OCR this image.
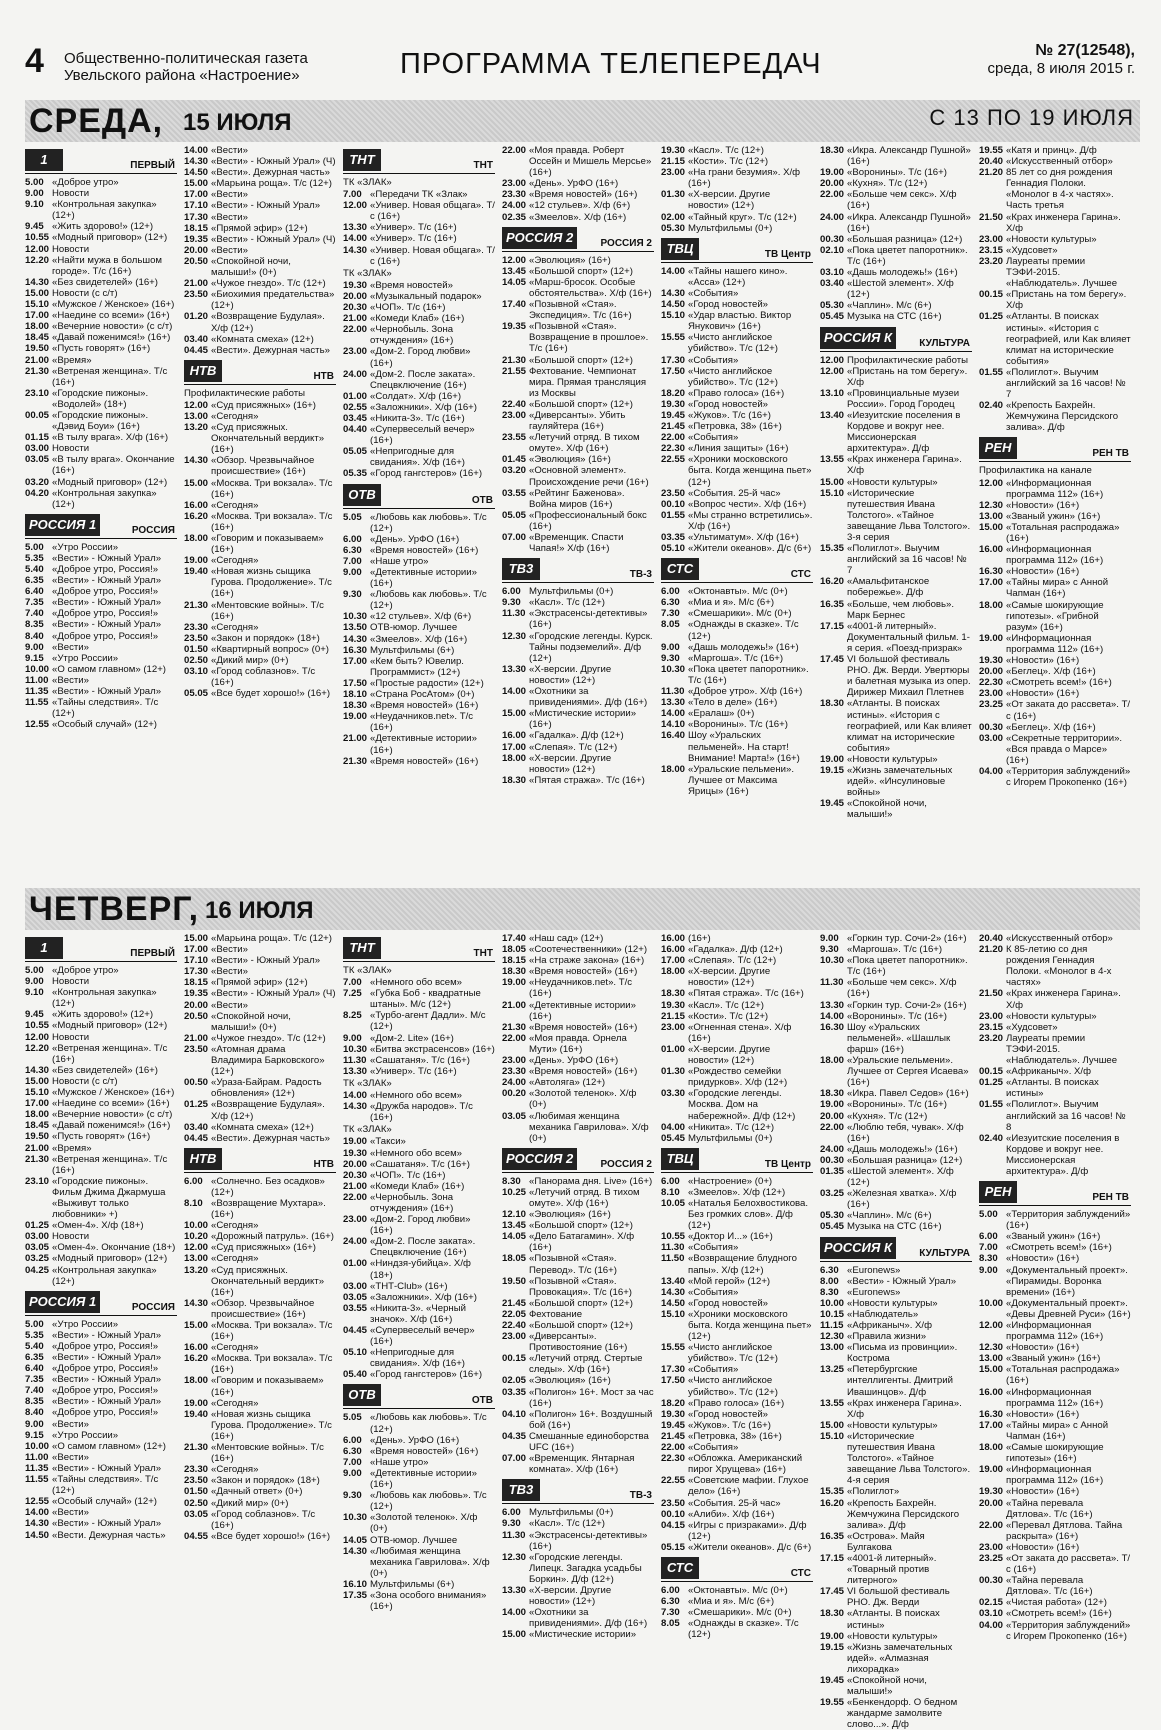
4 Общественно-политическая газета
Увельского района «Настроение»	ПРОГРАММА ТЕЛЕПЕРЕДАЧ	№ 27(12548),
среда, 8 июля 2015 г.
СРЕДА, 15 ИЮЛЯ	С 13 ПО 19 ИЮЛЯ
1	ПЕРВЫЙ
5.00 «Доброе утро»
9.00 Новости
9.10 «Контрольная закупка» (12+)
9.45 «Жить здорово!» (12+)
10.55 «Модный приговор» (12+)
12.00 Новости
12.20 «Найти мужа в большом городе». Т/с (16+)
14.30 «Без свидетелей» (16+)
15.00 Новости (с с/т)
15.10 «Мужское / Женское» (16+)
17.00 «Наедине со всеми» (16+)
18.00 «Вечерние новости» (с с/т)
18.45 «Давай поженимся!» (16+)
19.50 «Пусть говорят» (16+)
21.00 «Время»
21.30 «Ветреная женщина». Т/с (16+)
23.10 «Городские пижоны». «Водолей» (18+)
00.05 «Городские пижоны». «Дэвид Боуи» (16+)
01.15 «В тылу врага». Х/ф (16+)
03.00 Новости
03.05 «В тылу врага». Окончание (16+)
03.20 «Модный приговор» (12+)
04.20 «Контрольная закупка» (12+)
РОССИЯ 1	РОССИЯ
5.00 «Утро России»
5.35 «Вести» - Южный Урал»
5.40 «Доброе утро, Россия!»
6.35 «Вести» - Южный Урал»
6.40 «Доброе утро, Россия!»
7.35 «Вести» - Южный Урал»
7.40 «Доброе утро, Россия!»
8.35 «Вести» - Южный Урал»
8.40 «Доброе утро, Россия!»
9.00 «Вести»
9.15 «Утро России»
10.00 «О самом главном» (12+)
11.00 «Вести»
11.35 «Вести» - Южный Урал»
11.55 «Тайны следствия». Т/с (12+)
12.55 «Особый случай» (12+)
14.00 «Вести»
14.30 «Вести» - Южный Урал» (Ч)
14.50 «Вести». Дежурная часть»
15.00 «Марьина роща». Т/с (12+)
17.00 «Вести»
17.10 «Вести» - Южный Урал»
17.30 «Вести»
18.15 «Прямой эфир» (12+)
19.35 «Вести» - Южный Урал» (Ч)
20.00 «Вести»
20.50 «Спокойной ночи, малыши!» (0+)
21.00 «Чужое гнездо». Т/с (12+)
23.50 «Биохимия предательства» (12+)
01.20 «Возвращение Будулая». Х/ф (12+)
03.40 «Комната смеха» (12+)
04.45 «Вести». Дежурная часть»
НТВ	НТВ
Профилактические работы
12.00 «Суд присяжных» (16+)
13.00 «Сегодня»
13.20 «Суд присяжных. Окончательный вердикт» (16+)
14.30 «Обзор. Чрезвычайное происшествие» (16+)
15.00 «Москва. Три вокзала». Т/с (16+)
16.00 «Сегодня»
16.20 «Москва. Три вокзала». Т/с (16+)
18.00 «Говорим и показываем» (16+)
19.00 «Сегодня»
19.40 «Новая жизнь сыщика Гурова. Продолжение». Т/с (16+)
21.30 «Ментовские войны». Т/с (16+)
23.30 «Сегодня»
23.50 «Закон и порядок» (18+)
01.50 «Квартирный вопрос» (0+)
02.50 «Дикий мир» (0+)
03.10 «Город соблазнов». Т/с (16+)
05.05 «Все будет хорошо!» (16+)
ТНТ	ТНТ
ТК «ЗЛАК»
7.00 «Передачи ТК «Злак»
12.00 «Универ. Новая общага». Т/с (16+)
13.30 «Универ». Т/с (16+)
14.00 «Универ». Т/с (16+)
14.30 «Универ. Новая общага». Т/с (16+)
ТК «ЗЛАК»
19.30 «Время новостей»
20.00 «Музыкальный подарок»
20.30 «ЧОП». Т/с (16+)
21.00 «Комеди Клаб» (16+)
22.00 «Чернобыль. Зона отчуждения» (16+)
23.00 «Дом-2. Город любви» (16+)
24.00 «Дом-2. После заката». Спецвключение (16+)
01.00 «Солдат». Х/ф (16+)
02.55 «Заложники». Х/ф (16+)
03.45 «Никита-3». Т/с (16+)
04.40 «Супервеселый вечер» (16+)
05.05 «Непригодные для свидания». Х/ф (16+)
05.35 «Город гангстеров» (16+)
ОТВ	ОТВ
5.05 «Любовь как любовь». Т/с (12+)
6.00 «День». УрФО (16+)
6.30 «Время новостей» (16+)
7.00 «Наше утро»
9.00 «Детективные истории» (16+)
9.30 «Любовь как любовь». Т/с (12+)
10.30 «12 стульев». Х/ф (6+)
13.50 ОТВ-юмор. Лучшее
14.30 «Змеелов». Х/ф (16+)
16.30 Мультфильмы (6+)
17.00 «Кем быть? Ювелир. Программист» (12+)
17.50 «Простые радости» (12+)
18.10 «Страна РосАтом» (0+)
18.30 «Время новостей» (16+)
19.00 «Неудачников.net». Т/с (16+)
21.00 «Детективные истории» (16+)
21.30 «Время новостей» (16+)
22.00 «Моя правда. Роберт Оссейн и Мишель Мерсье» (16+)
23.00 «День». УрФО (16+)
23.30 «Время новостей» (16+)
24.00 «12 стульев». Х/ф (6+)
02.35 «Змеелов». Х/ф (16+)
РОССИЯ 2	РОССИЯ 2
12.00 «Эволюция» (16+)
13.45 «Большой спорт» (12+)
14.05 «Марш-бросок. Особые обстоятельства». Х/ф (16+)
17.40 «Позывной «Стая». Экспедиция». Т/с (16+)
19.35 «Позывной «Стая». Возвращение в прошлое». Т/с (16+)
21.30 «Большой спорт» (12+)
21.55 Фехтование. Чемпионат мира. Прямая трансляция из Москвы
22.40 «Большой спорт» (12+)
23.00 «Диверсанты». Убить гауляйтера (16+)
23.55 «Летучий отряд. В тихом омуте». Х/ф (16+)
01.45 «Эволюция» (16+)
03.20 «Основной элемент». Происхождение речи (16+)
03.55 «Рейтинг Баженова». Война миров (16+)
05.05 «Профессиональный бокс (16+)
07.00 «Временщик. Спасти Чапая!» Х/ф (16+)
ТВ3	ТВ-3
6.00 Мультфильмы (0+)
9.30 «Касл». Т/с (12+)
11.30 «Экстрасенсы-детективы» (16+)
12.30 «Городские легенды. Курск. Тайны подземелий». Д/ф (12+)
13.30 «Х-версии. Другие новости» (12+)
14.00 «Охотники за привидениями». Д/ф (16+)
15.00 «Мистические истории» (16+)
16.00 «Гадалка». Д/ф (12+)
17.00 «Слепая». Т/с (12+)
18.00 «Х-версии. Другие новости» (12+)
18.30 «Пятая стража». Т/с (16+)
19.30 «Касл». Т/с (12+)
21.15 «Кости». Т/с (12+)
23.00 «На грани безумия». Х/ф (16+)
01.30 «Х-версии. Другие новости» (12+)
02.00 «Тайный круг». Т/с (12+)
05.30 Мультфильмы (0+)
ТВЦ	ТВ Центр
14.00 «Тайны нашего кино». «Асса» (12+)
14.30 «События»
14.50 «Город новостей»
15.10 «Удар властью. Виктор Янукович» (16+)
15.55 «Чисто английское убийство». Т/с (12+)
17.30 «События»
17.50 «Чисто английское убийство». Т/с (12+)
18.20 «Право голоса» (16+)
19.30 «Город новостей»
19.45 «Жуков». Т/с (16+)
21.45 «Петровка, 38» (16+)
22.00 «События»
22.30 «Линия защиты» (16+)
22.55 «Хроники московского быта. Когда женщина пьет» (12+)
23.50 «События. 25-й час»
00.10 «Вопрос чести». Х/ф (16+)
01.55 «Мы странно встретились». Х/ф (16+)
03.35 «Ультиматум». Х/ф (16+)
05.10 «Жители океанов». Д/с (6+)
СТС	СТС
6.00 «Октонавты». М/с (0+)
6.30 «Миа и я». М/с (6+)
7.30 «Смешарики». М/с (0+)
8.05 «Однажды в сказке». Т/с (12+)
9.00 «Дашь молодежь!» (16+)
9.30 «Маргоша». Т/с (16+)
10.30 «Пока цветет папоротник». Т/с (16+)
11.30 «Доброе утро». Х/ф (16+)
13.30 «Тело в деле» (16+)
14.00 «Ералаш» (0+)
14.10 «Воронины». Т/с (16+)
16.40 Шоу «Уральских пельменей». На старт! Внимание! Марта!» (16+)
18.00 «Уральские пельмени». Лучшее от Максима Ярицы» (16+)
18.30 «Икра. Александр Пушной» (16+)
19.00 «Воронины». Т/с (16+)
20.00 «Кухня». Т/с (12+)
22.00 «Больше чем секс». Х/ф (16+)
24.00 «Икра. Александр Пушной» (16+)
00.30 «Большая разница» (12+)
02.10 «Пока цветет папоротник». Т/с (16+)
03.10 «Дашь молодежь!» (16+)
03.40 «Шестой элемент». Х/ф (12+)
05.30 «Чаплин». М/с (6+)
05.45 Музыка на СТС (16+)
РОССИЯ К	КУЛЬТУРА
12.00 Профилактические работы
12.00 «Пристань на том берегу». Х/ф
13.10 «Провинциальные музеи России». Город Городец
13.40 «Иезуитские поселения в Кордове и вокруг нее. Миссионерская архитектура». Д/ф
13.55 «Крах инженера Гарина». Х/ф
15.00 «Новости культуры»
15.10 «Исторические путешествия Ивана Толстого». «Тайное завещание Льва Толстого». 3-я серия
15.35 «Полиглот». Выучим английский за 16 часов! № 7
16.20 «Амальфитанское побережье». Д/ф
16.35 «Больше, чем любовь». Марк Бернес
17.15 «4001-й литерный». Документальный фильм. 1-я серия. «Поезд-призрак»
17.45 VI большой фестиваль РНО. Дж. Верди. Увертюры и балетная музыка из опер. Дирижер Михаил Плетнев
18.30 «Атланты. В поисках истины». «История с географией, или Как влияет климат на исторические события»
19.00 «Новости культуры»
19.15 «Жизнь замечательных идей». «Инсулиновые войны»
19.45 «Спокойной ночи, малыши!»
19.55 «Катя и принц». Д/ф
20.40 «Искусственный отбор»
21.20 85 лет со дня рождения Геннадия Полоки. «Монолог в 4-х частях». Часть третья
21.50 «Крах инженера Гарина». Х/ф
23.00 «Новости культуры»
23.15 «Худсовет»
23.20 Лауреаты премии ТЭФИ-2015. «Наблюдатель». Лучшее
00.15 «Пристань на том берегу». Х/ф
01.25 «Атланты. В поисках истины». «История с географией, или Как влияет климат на исторические события»
01.55 «Полиглот». Выучим английский за 16 часов! № 7
02.40 «Крепость Бахрейн. Жемчужина Персидского залива». Д/ф
РЕН	РЕН ТВ
Профилактика на канале
12.00 «Информационная программа 112» (16+)
12.30 «Новости» (16+)
13.00 «Званый ужин» (16+)
15.00 «Тотальная распродажа» (16+)
16.00 «Информационная программа 112» (16+)
16.30 «Новости» (16+)
17.00 «Тайны мира» с Анной Чапман (16+)
18.00 «Самые шокирующие гипотезы». «Грибной разум» (16+)
19.00 «Информационная программа 112» (16+)
19.30 «Новости» (16+)
20.00 «Беглец». Х/ф (16+)
22.30 «Смотреть всем!» (16+)
23.00 «Новости» (16+)
23.25 «От заката до рассвета». Т/с (16+)
00.30 «Беглец». Х/ф (16+)
03.00 «Секретные территории». «Вся правда о Марсе» (16+)
04.00 «Территория заблуждений» с Игорем Прокопенко (16+)
ЧЕТВЕРГ, 16 ИЮЛЯ
1	ПЕРВЫЙ
5.00 «Доброе утро»
9.00 Новости
9.10 «Контрольная закупка» (12+)
9.45 «Жить здорово!» (12+)
10.55 «Модный приговор» (12+)
12.00 Новости
12.20 «Ветреная женщина». Т/с (16+)
14.30 «Без свидетелей» (16+)
15.00 Новости (с с/т)
15.10 «Мужское / Женское» (16+)
17.00 «Наедине со всеми» (16+)
18.00 «Вечерние новости» (с с/т)
18.45 «Давай поженимся!» (16+)
19.50 «Пусть говорят» (16+)
21.00 «Время»
21.30 «Ветреная женщина». Т/с (16+)
23.10 «Городские пижоны». Фильм Джима Джармуша «Выживут только любовники» +)
01.25 «Омен-4». Х/ф (18+)
03.00 Новости
03.05 «Омен-4». Окончание (18+)
03.25 «Модный приговор» (12+)
04.25 «Контрольная закупка» (12+)
РОССИЯ 1	РОССИЯ
5.00 «Утро России»
5.35 «Вести» - Южный Урал»
5.40 «Доброе утро, Россия!»
6.35 «Вести» - Южный Урал»
6.40 «Доброе утро, Россия!»
7.35 «Вести» - Южный Урал»
7.40 «Доброе утро, Россия!»
8.35 «Вести» - Южный Урал»
8.40 «Доброе утро, Россия!»
9.00 «Вести»
9.15 «Утро России»
10.00 «О самом главном» (12+)
11.00 «Вести»
11.35 «Вести» - Южный Урал»
11.55 «Тайны следствия». Т/с (12+)
12.55 «Особый случай» (12+)
14.00 «Вести»
14.30 «Вести» - Южный Урал»
14.50 «Вести. Дежурная часть»
15.00 «Марьина роща». Т/с (12+)
17.00 «Вести»
17.10 «Вести» - Южный Урал»
17.30 «Вести»
18.15 «Прямой эфир» (12+)
19.35 «Вести» - Южный Урал» (Ч)
20.00 «Вести»
20.50 «Спокойной ночи, малыши!» (0+)
21.00 «Чужое гнездо». Т/с (12+)
23.50 «Атомная драма Владимира Барковского» (12+)
00.50 «Ураза-Байрам. Радость обновления» (12+)
01.25 «Возвращение Будулая». Х/ф (12+)
03.40 «Комната смеха» (12+)
04.45 «Вести». Дежурная часть»
НТВ	НТВ
6.00 «Солнечно. Без осадков» (12+)
8.10 «Возвращение Мухтара». (16+)
10.00 «Сегодня»
10.20 «Дорожный патруль». (16+)
12.00 «Суд присяжных» (16+)
13.00 «Сегодня»
13.20 «Суд присяжных. Окончательный вердикт» (16+)
14.30 «Обзор. Чрезвычайное происшествие» (16+)
15.00 «Москва. Три вокзала». Т/с (16+)
16.00 «Сегодня»
16.20 «Москва. Три вокзала». Т/с (16+)
18.00 «Говорим и показываем» (16+)
19.00 «Сегодня»
19.40 «Новая жизнь сыщика Гурова. Продолжение». Т/с (16+)
21.30 «Ментовские войны». Т/с (16+)
23.30 «Сегодня»
23.50 «Закон и порядок» (18+)
01.50 «Дачный ответ» (0+)
02.50 «Дикий мир» (0+)
03.05 «Город соблазнов». Т/с (16+)
04.55 «Все будет хорошо!» (16+)
ТНТ	ТНТ
ТК «ЗЛАК»
7.00 «Немного обо всем»
7.25 «Губка Боб - квадратные штаны». М/с (12+)
8.25 «Турбо-агент Дадли». М/с (12+)
9.00 «Дом-2. Lite» (16+)
10.30 «Битва экстрасенсов» (16+)
11.30 «Сашатаня». Т/с (16+)
13.30 «Универ». Т/с (16+)
ТК «ЗЛАК»
14.00 «Немного обо всем»
14.30 «Дружба народов». Т/с (16+)
ТК «ЗЛАК»
19.00 «Такси»
19.30 «Немного обо всем»
20.00 «Сашатаня». Т/с (16+)
20.30 «ЧОП». Т/с (16+)
21.00 «Комеди Клаб» (16+)
22.00 «Чернобыль. Зона отчуждения» (16+)
23.00 «Дом-2. Город любви» (16+)
24.00 «Дом-2. После заката». Спецвключение (16+)
01.00 «Ниндзя-убийца». Х/ф (18+)
03.00 «ТНТ-Club» (16+)
03.05 «Заложники». Х/ф (16+)
03.55 «Никита-3». «Черный значок». Х/ф (16+)
04.45 «Супервеселый вечер» (16+)
05.10 «Непригодные для свидания». Х/ф (16+)
05.40 «Город гангстеров» (16+)
ОТВ	ОТВ
5.05 «Любовь как любовь». Т/с (12+)
6.00 «День». УрФО (16+)
6.30 «Время новостей» (16+)
7.00 «Наше утро»
9.00 «Детективные истории» (16+)
9.30 «Любовь как любовь». Т/с (12+)
10.30 «Золотой теленок». Х/ф (0+)
14.05 ОТВ-юмор. Лучшее
14.30 «Любимая женщина механика Гаврилова». Х/ф (0+)
16.10 Мультфильмы (6+)
17.35 «Зона особого внимания» (16+)
17.40 «Наш сад» (12+)
18.05 «Соотечественники» (12+)
18.15 «На страже закона» (16+)
18.30 «Время новостей» (16+)
19.00 «Неудачников.net». Т/с (16+)
21.00 «Детективные истории» (16+)
21.30 «Время новостей» (16+)
22.00 «Моя правда. Орнела Мути» (16+)
23.00 «День». УрФО (16+)
23.30 «Время новостей» (16+)
24.00 «Автоляга» (12+)
00.20 «Золотой теленок». Х/ф (0+)
03.05 «Любимая женщина механика Гаврилова». Х/ф (0+)
РОССИЯ 2	РОССИЯ 2
8.30 «Панорама дня. Live» (16+)
10.25 «Летучий отряд. В тихом омуте». Х/ф (16+)
12.10 «Эволюция» (16+)
13.45 «Большой спорт» (12+)
14.05 «Дело Батагамин». Х/ф (16+)
18.05 «Позывной «Стая». Перевод». Т/с (16+)
19.50 «Позывной «Стая». Провокация». Т/с (16+)
21.45 «Большой спорт» (12+)
22.05 Фехтование
22.40 «Большой спорт» (12+)
23.00 «Диверсанты». Противостояние (16+)
00.15 «Летучий отряд. Стертые следы». Х/ф (16+)
02.05 «Эволюция» (16+)
03.35 «Полигон» 16+. Мост за час (16+)
04.10 «Полигон» 16+. Воздушный бой (16+)
04.35 Смешанные единоборства UFC (16+)
07.00 «Временщик. Янтарная комната». Х/ф (16+)
ТВ3	ТВ-3
6.00 Мультфильмы (0+)
9.30 «Касл». Т/с (12+)
11.30 «Экстрасенсы-детективы» (16+)
12.30 «Городские легенды. Липецк. Загадка усадьбы Боркин». Д/ф (12+)
13.30 «Х-версии. Другие новости» (12+)
14.00 «Охотники за привидениями». Д/ф (16+)
15.00 «Мистические истории»
16.00 (16+)
16.00 «Гадалка». Д/ф (12+)
17.00 «Слепая». Т/с (12+)
18.00 «Х-версии. Другие новости» (12+)
18.30 «Пятая стража». Т/с (16+)
19.30 «Касл». Т/с (12+)
21.15 «Кости». Т/с (12+)
23.00 «Огненная стена». Х/ф (16+)
01.00 «Х-версии. Другие новости» (12+)
01.30 «Рождество семейки придурков». Х/ф (12+)
03.30 «Городские легенды. Москва. Дом на набережной». Д/ф (12+)
04.00 «Никита». Т/с (12+)
05.45 Мультфильмы (0+)
ТВЦ	ТВ Центр
6.00 «Настроение» (0+)
8.10 «Змеелов». Х/ф (12+)
10.05 «Наталья Белохвостикова. Без громких слов». Д/ф (12+)
10.55 «Доктор И...» (16+)
11.30 «События»
11.50 «Возвращение блудного папы». Х/ф (12+)
13.40 «Мой герой» (12+)
14.30 «События»
14.50 «Город новостей»
15.10 «Хроники московского быта. Когда женщина пьет» (12+)
15.55 «Чисто английское убийство». Т/с (12+)
17.30 «События»
17.50 «Чисто английское убийство». Т/с (12+)
18.20 «Право голоса» (16+)
19.30 «Город новостей»
19.45 «Жуков». Т/с (16+)
21.45 «Петровка, 38» (16+)
22.00 «События»
22.30 «Обложка. Американский пирог Хрущева» (16+)
22.55 «Советские мафии. Глухое дело» (16+)
23.50 «События. 25-й час»
00.10 «Алиби». Х/ф (16+)
04.15 «Игры с призраками». Д/ф (12+)
05.15 «Жители океанов». Д/с (6+)
СТС	СТС
6.00 «Октонавты». М/с (0+)
6.30 «Миа и я». М/с (6+)
7.30 «Смешарики». М/с (0+)
8.05 «Однажды в сказке». Т/с (12+)
9.00 «Горкин тур. Сочи-2» (16+)
9.30 «Маргоша». Т/с (16+)
10.30 «Пока цветет папоротник». Т/с (16+)
11.30 «Больше чем секс». Х/ф (16+)
13.30 «Горкин тур. Сочи-2» (16+)
14.00 «Воронины». Т/с (16+)
16.30 Шоу «Уральских пельменей». «Шашлык фарш» (16+)
18.00 «Уральские пельмени». Лучшее от Сергея Исаева» (16+)
18.30 «Икра. Павел Седов» (16+)
19.00 «Воронины». Т/с (16+)
20.00 «Кухня». Т/с (12+)
22.00 «Люблю тебя, чувак». Х/ф (16+)
24.00 «Дашь молодежь!» (16+)
00.30 «Большая разница» (12+)
01.35 «Шестой элемент». Х/ф (12+)
03.25 «Железная хватка». Х/ф (16+)
05.30 «Чаплин». М/с (6+)
05.45 Музыка на СТС (16+)
РОССИЯ К	КУЛЬТУРА
6.30 «Euronews»
8.00 «Вести» - Южный Урал»
8.30 «Euronews»
10.00 «Новости культуры»
10.15 «Наблюдатель»
11.15 «Африканыч». Х/ф
12.30 «Правила жизни»
13.00 «Письма из провинции». Кострома
13.25 «Петербургские интеллигенты. Дмитрий Ивашинцов». Д/ф
13.55 «Крах инженера Гарина». Х/ф
15.00 «Новости культуры»
15.10 «Исторические путешествия Ивана Толстого». «Тайное завещание Льва Толстого». 4-я серия
15.35 «Полиглот»
16.20 «Крепость Бахрейн. Жемчужина Персидского залива». Д/ф
16.35 «Острова». Майя Булгакова
17.15 «4001-й литерный». «Товарный против литерного»
17.45 VI большой фестиваль РНО. Дж. Верди
18.30 «Атланты. В поисках истины»
19.00 «Новости культуры»
19.15 «Жизнь замечательных идей». «Алмазная лихорадка»
19.45 «Спокойной ночи, малыши!»
19.55 «Бенкендорф. О бедном жандарме замолвите слово...». Д/ф
20.40 «Искусственный отбор»
21.20 К 85-летию со дня рождения Геннадия Полоки. «Монолог в 4-х частях»
21.50 «Крах инженера Гарина». Х/ф
23.00 «Новости культуры»
23.15 «Худсовет»
23.20 Лауреаты премии ТЭФИ-2015. «Наблюдатель». Лучшее
00.15 «Африканыч». Х/ф
01.25 «Атланты. В поисках истины»
01.55 «Полиглот». Выучим английский за 16 часов! № 8
02.40 «Иезуитские поселения в Кордове и вокруг нее. Миссионерская архитектура». Д/ф
РЕН	РЕН ТВ
5.00 «Территория заблуждений» (16+)
6.00 «Званый ужин» (16+)
7.00 «Смотреть всем!» (16+)
8.30 «Новости» (16+)
9.00 «Документальный проект». «Пирамиды. Воронка времени» (16+)
10.00 «Документальный проект». «Девы Древней Руси» (16+)
12.00 «Информационная программа 112» (16+)
12.30 «Новости» (16+)
13.00 «Званый ужин» (16+)
15.00 «Тотальная распродажа» (16+)
16.00 «Информационная программа 112» (16+)
16.30 «Новости» (16+)
17.00 «Тайны мира» с Анной Чапман (16+)
18.00 «Самые шокирующие гипотезы» (16+)
19.00 «Информационная программа 112» (16+)
19.30 «Новости» (16+)
20.00 «Тайна перевала Дятлова». Т/с (16+)
22.00 «Перевал Дятлова. Тайна раскрыта» (16+)
23.00 «Новости» (16+)
23.25 «От заката до рассвета». Т/с (16+)
00.30 «Тайна перевала Дятлова». Т/с (16+)
02.15 «Чистая работа» (12+)
03.10 «Смотреть всем!» (16+)
04.00 «Территория заблуждений» с Игорем Прокопенко (16+)
